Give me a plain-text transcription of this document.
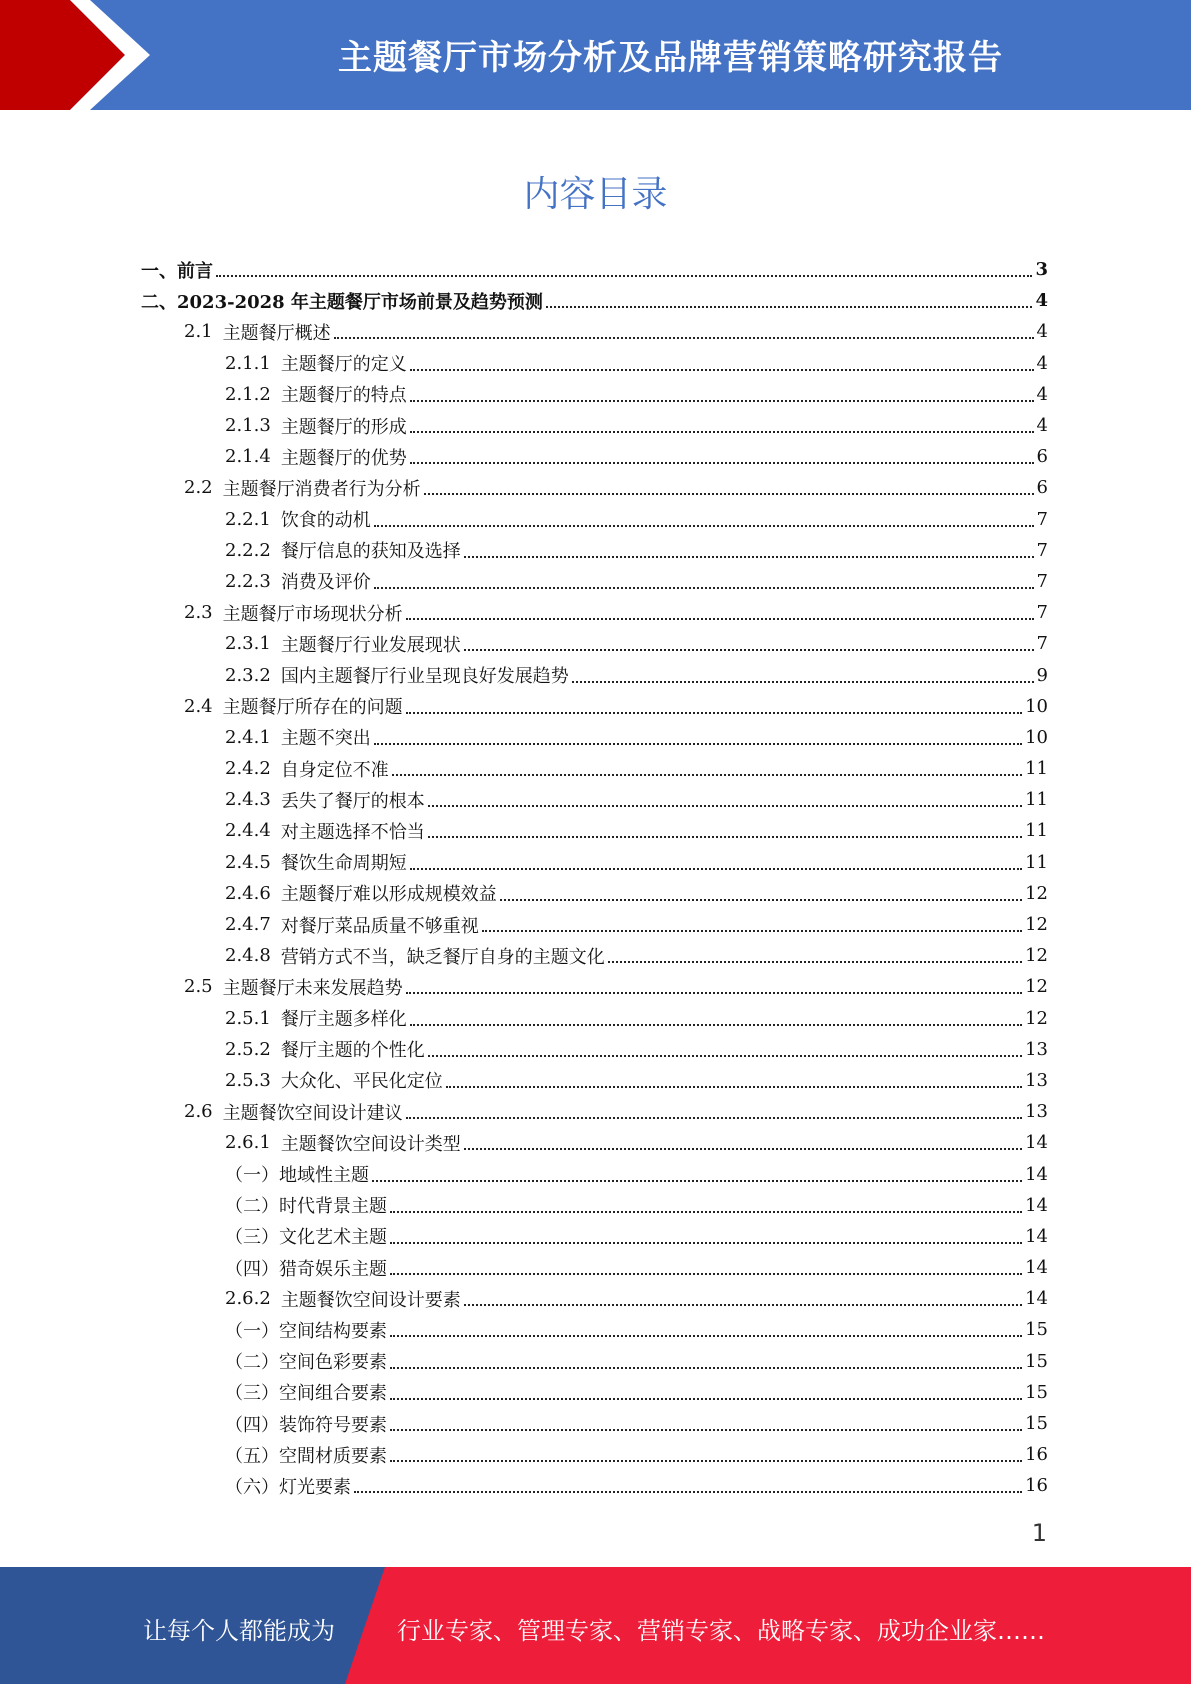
主题餐厅市场分析及品牌营销策略研究报告
内容目录
一、前言	3
二、2023-2028 年主题餐厅市场前景及趋势预测	4
2.1 主题餐厅概述	4
2.1.1 主题餐厅的定义	4
2.1.2 主题餐厅的特点	4
2.1.3 主题餐厅的形成	4
2.1.4 主题餐厅的优势	6
2.2 主题餐厅消费者行为分析	6
2.2.1 饮食的动机	7
2.2.2 餐厅信息的获知及选择	7
2.2.3 消费及评价	7
2.3 主题餐厅市场现状分析	7
2.3.1 主题餐厅行业发展现状	7
2.3.2 国内主题餐厅行业呈现良好发展趋势	9
2.4 主题餐厅所存在的问题	10
2.4.1 主题不突出	10
2.4.2 自身定位不准	11
2.4.3 丢失了餐厅的根本	11
2.4.4 对主题选择不恰当	11
2.4.5 餐饮生命周期短	11
2.4.6 主题餐厅难以形成规模效益	12
2.4.7 对餐厅菜品质量不够重视	12
2.4.8 营销方式不当，缺乏餐厅自身的主题文化	12
2.5 主题餐厅未来发展趋势	12
2.5.1 餐厅主题多样化	12
2.5.2 餐厅主题的个性化	13
2.5.3 大众化、平民化定位	13
2.6 主题餐饮空间设计建议	13
2.6.1 主题餐饮空间设计类型	14
（一）地域性主题	14
（二）时代背景主题	14
（三）文化艺术主题	14
（四）猎奇娱乐主题	14
2.6.2 主题餐饮空间设计要素	14
（一）空间结构要素	15
（二）空间色彩要素	15
（三）空间组合要素	15
（四）装饰符号要素	15
（五）空間材质要素	16
（六）灯光要素	16
1
让每个人都能成为	行业专家、管理专家、营销专家、战略专家、成功企业家……
